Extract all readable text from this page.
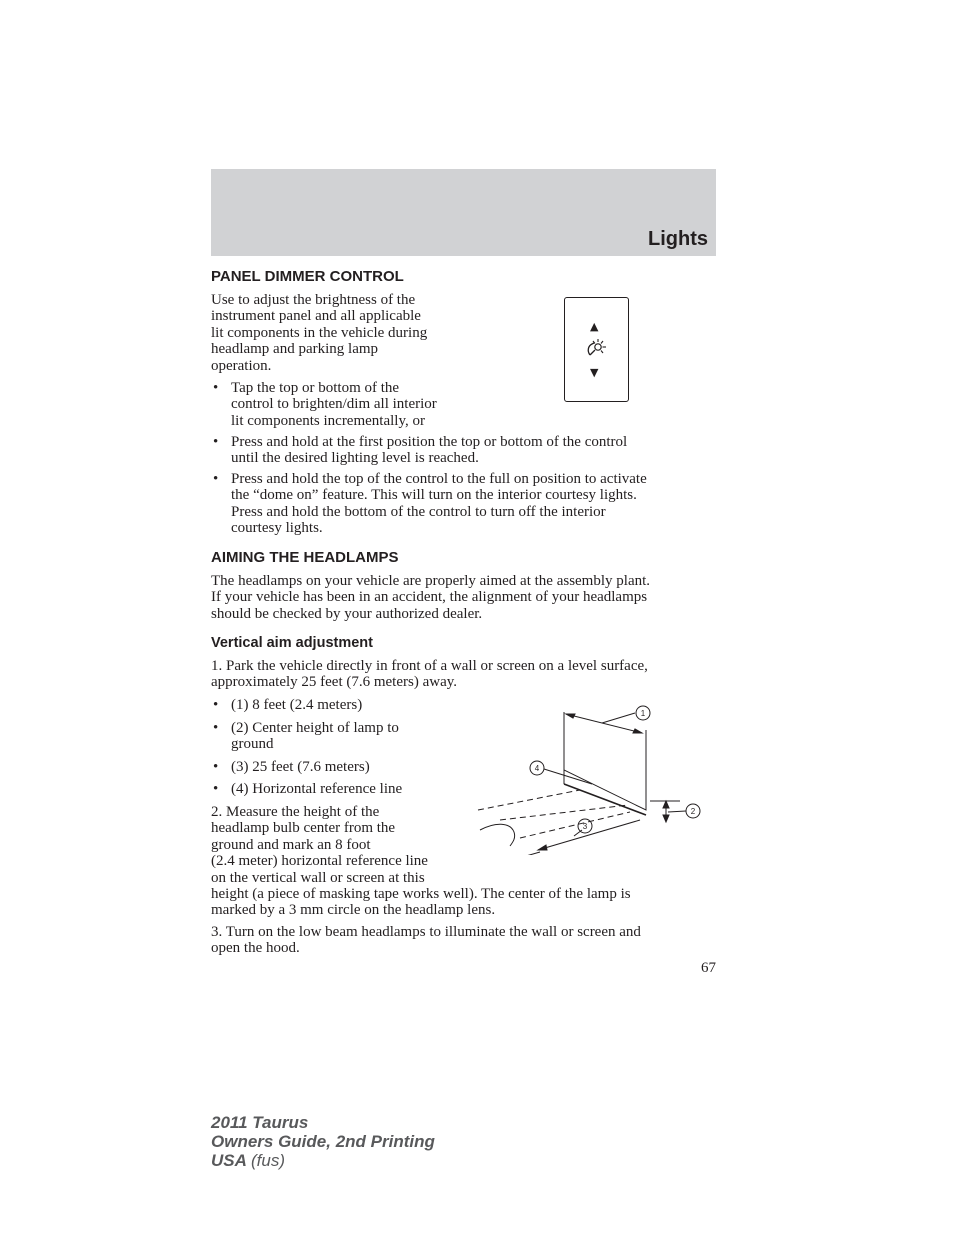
Lights
PANEL DIMMER CONTROL
Use to adjust the brightness of the
instrument panel and all applicable
lit components in the vehicle during
headlamp and parking lamp
operation.
• Tap the top or bottom of the
control to brighten/dim all interior
lit components incrementally, or
• Press and hold at the first position the top or bottom of the control
until the desired lighting level is reached.
• Press and hold the top of the control to the full on position to activate
the “dome on” feature. This will turn on the interior courtesy lights.
Press and hold the bottom of the control to turn off the interior
courtesy lights.
▲
▼
AIMING THE HEADLAMPS
The headlamps on your vehicle are properly aimed at the assembly plant.
If your vehicle has been in an accident, the alignment of your headlamps
should be checked by your authorized dealer.
Vertical aim adjustment
1. Park the vehicle directly in front of a wall or screen on a level surface,
approximately 25 feet (7.6 meters) away.
• (1) 8 feet (2.4 meters)
• (2) Center height of lamp to
ground
• (3) 25 feet (7.6 meters)
• (4) Horizontal reference line
2. Measure the height of the
headlamp bulb center from the
ground and mark an 8 foot
(2.4 meter) horizontal reference line
on the vertical wall or screen at this
height (a piece of masking tape works well). The center of the lamp is
marked by a 3 mm circle on the headlamp lens.
3. Turn on the low beam headlamps to illuminate the wall or screen and
open the hood.
1
4
2
3
67
2011 Taurus
Owners Guide, 2nd Printing
USA (fus)
